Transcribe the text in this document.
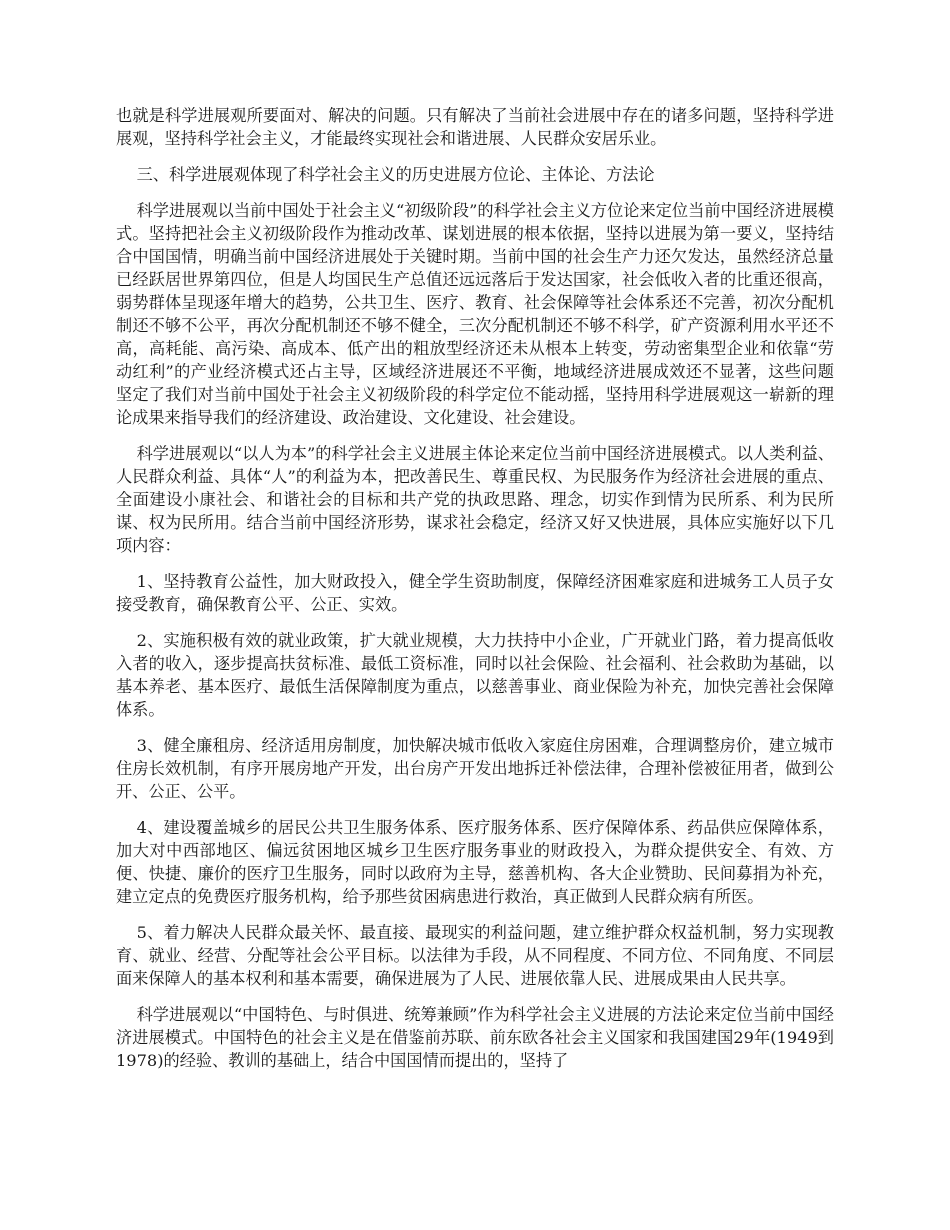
也就是科学进展观所要面对、解决的问题。只有解决了当前社会进展中存在的诸多问题，坚持科学进展观，坚持科学社会主义，才能最终实现社会和谐进展、人民群众安居乐业。

三、科学进展观体现了科学社会主义的历史进展方位论、主体论、方法论

科学进展观以当前中国处于社会主义“初级阶段”的科学社会主义方位论来定位当前中国经济进展模式。坚持把社会主义初级阶段作为推动改革、谋划进展的根本依据，坚持以进展为第一要义，坚持结合中国国情，明确当前中国经济进展处于关键时期。当前中国的社会生产力还欠发达，虽然经济总量已经跃居世界第四位，但是人均国民生产总值还远远落后于发达国家，社会低收入者的比重还很高，弱势群体呈现逐年增大的趋势，公共卫生、医疗、教育、社会保障等社会体系还不完善，初次分配机制还不够不公平，再次分配机制还不够不健全，三次分配机制还不够不科学，矿产资源利用水平还不高，高耗能、高污染、高成本、低产出的粗放型经济还未从根本上转变，劳动密集型企业和依靠“劳动红利”的产业经济模式还占主导，区域经济进展还不平衡，地域经济进展成效还不显著，这些问题坚定了我们对当前中国处于社会主义初级阶段的科学定位不能动摇，坚持用科学进展观这一崭新的理论成果来指导我们的经济建设、政治建设、文化建设、社会建设。

科学进展观以“以人为本”的科学社会主义进展主体论来定位当前中国经济进展模式。以人类利益、人民群众利益、具体“人”的利益为本，把改善民生、尊重民权、为民服务作为经济社会进展的重点、全面建设小康社会、和谐社会的目标和共产党的执政思路、理念，切实作到情为民所系、利为民所谋、权为民所用。结合当前中国经济形势，谋求社会稳定，经济又好又快进展，具体应实施好以下几项内容：

1、坚持教育公益性，加大财政投入，健全学生资助制度，保障经济困难家庭和进城务工人员子女接受教育，确保教育公平、公正、实效。

2、实施积极有效的就业政策，扩大就业规模，大力扶持中小企业，广开就业门路，着力提高低收入者的收入，逐步提高扶贫标准、最低工资标准，同时以社会保险、社会福利、社会救助为基础，以基本养老、基本医疗、最低生活保障制度为重点，以慈善事业、商业保险为补充，加快完善社会保障体系。

3、健全廉租房、经济适用房制度，加快解决城市低收入家庭住房困难，合理调整房价，建立城市住房长效机制，有序开展房地产开发，出台房产开发出地拆迁补偿法律，合理补偿被征用者，做到公开、公正、公平。

4、建设覆盖城乡的居民公共卫生服务体系、医疗服务体系、医疗保障体系、药品供应保障体系，加大对中西部地区、偏远贫困地区城乡卫生医疗服务事业的财政投入，为群众提供安全、有效、方便、快捷、廉价的医疗卫生服务，同时以政府为主导，慈善机构、各大企业赞助、民间募捐为补充，建立定点的免费医疗服务机构，给予那些贫困病患进行救治，真正做到人民群众病有所医。

5、着力解决人民群众最关怀、最直接、最现实的利益问题，建立维护群众权益机制，努力实现教育、就业、经营、分配等社会公平目标。以法律为手段，从不同程度、不同方位、不同角度、不同层面来保障人的基本权利和基本需要，确保进展为了人民、进展依靠人民、进展成果由人民共享。

科学进展观以“中国特色、与时俱进、统筹兼顾”作为科学社会主义进展的方法论来定位当前中国经济进展模式。中国特色的社会主义是在借鉴前苏联、前东欧各社会主义国家和我国建国29年(1949到1978)的经验、教训的基础上，结合中国国情而提出的，坚持了
